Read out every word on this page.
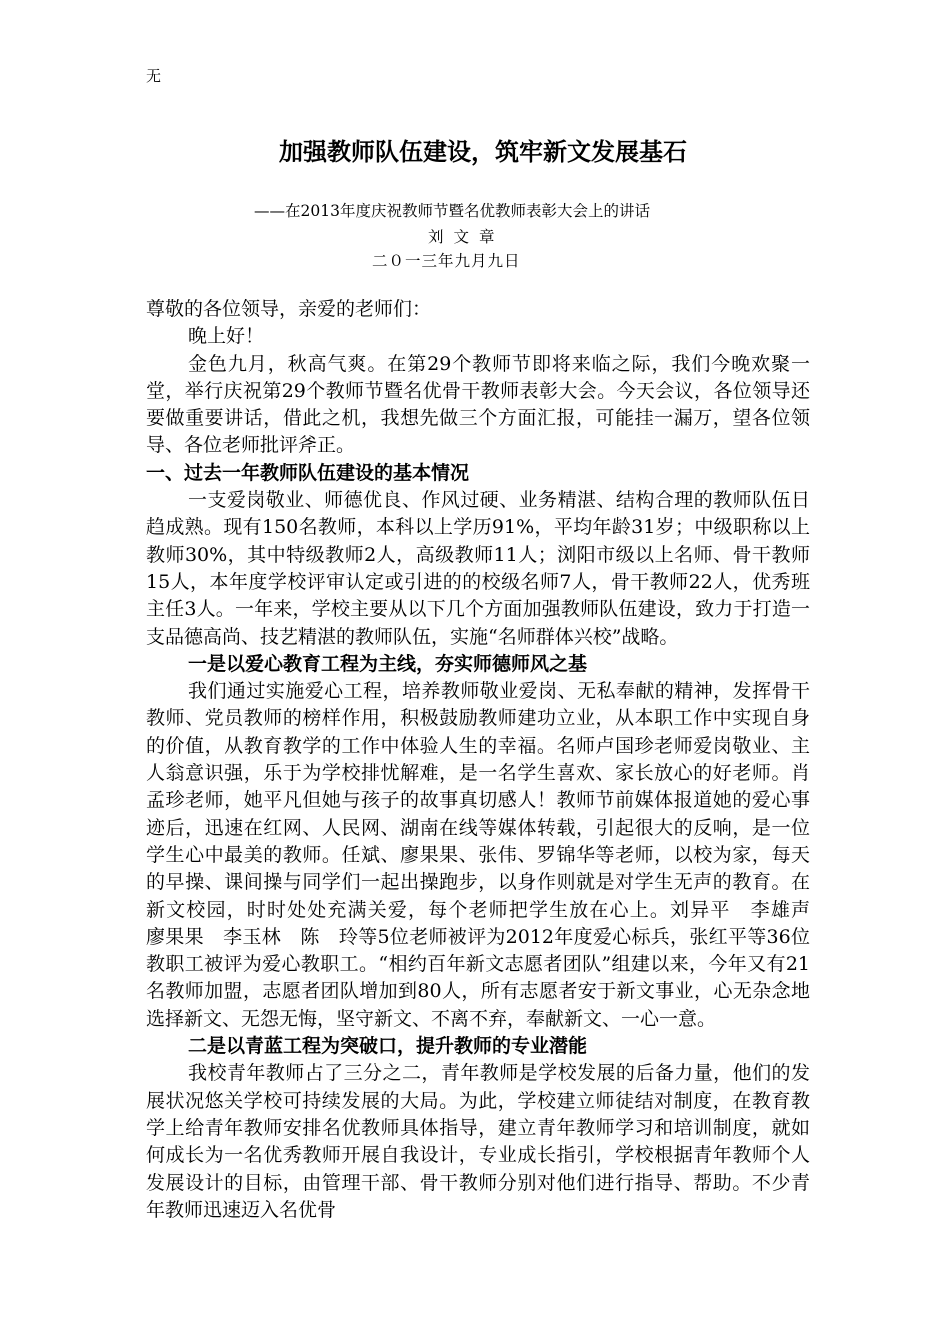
无
加强教师队伍建设，筑牢新文发展基石
——在2013年度庆祝教师节暨名优教师表彰大会上的讲话
刘文章
二０一三年九月九日

尊敬的各位领导，亲爱的老师们：

晚上好！

金色九月，秋高气爽。在第29个教师节即将来临之际，我们今晚欢聚一堂，举行庆祝第29个教师节暨名优骨干教师表彰大会。今天会议，各位领导还要做重要讲话，借此之机，我想先做三个方面汇报，可能挂一漏万，望各位领导、各位老师批评斧正。

一、过去一年教师队伍建设的基本情况

一支爱岗敬业、师德优良、作风过硬、业务精湛、结构合理的教师队伍日趋成熟。现有150名教师，本科以上学历91%，平均年龄31岁；中级职称以上教师30%，其中特级教师2人，高级教师11人；浏阳市级以上名师、骨干教师15人，本年度学校评审认定或引进的的校级名师7人，骨干教师22人，优秀班主任3人。一年来，学校主要从以下几个方面加强教师队伍建设，致力于打造一支品德高尚、技艺精湛的教师队伍，实施“名师群体兴校”战略。

一是以爱心教育工程为主线，夯实师德师风之基

我们通过实施爱心工程，培养教师敬业爱岗、无私奉献的精神，发挥骨干教师、党员教师的榜样作用，积极鼓励教师建功立业，从本职工作中实现自身的价值，从教育教学的工作中体验人生的幸福。名师卢国珍老师爱岗敬业、主人翁意识强，乐于为学校排忧解难，是一名学生喜欢、家长放心的好老师。肖孟珍老师，她平凡但她与孩子的故事真切感人！教师节前媒体报道她的爱心事迹后，迅速在红网、人民网、湖南在线等媒体转载，引起很大的反响，是一位学生心中最美的教师。任斌、廖果果、张伟、罗锦华等老师，以校为家，每天的早操、课间操与同学们一起出操跑步，以身作则就是对学生无声的教育。在新文校园，时时处处充满关爱，每个老师把学生放在心上。刘异平　李雄声　廖果果　李玉林　陈　玲等5位老师被评为2012年度爱心标兵，张红平等36位教职工被评为爱心教职工。“相约百年新文志愿者团队”组建以来，今年又有21名教师加盟，志愿者团队增加到80人，所有志愿者安于新文事业，心无杂念地选择新文、无怨无悔，坚守新文、不离不弃，奉献新文、一心一意。

二是以青蓝工程为突破口，提升教师的专业潜能

我校青年教师占了三分之二，青年教师是学校发展的后备力量，他们的发展状况悠关学校可持续发展的大局。为此，学校建立师徒结对制度，在教育教学上给青年教师安排名优教师具体指导，建立青年教师学习和培训制度，就如何成长为一名优秀教师开展自我设计，专业成长指引，学校根据青年教师个人发展设计的目标，由管理干部、骨干教师分别对他们进行指导、帮助。不少青年教师迅速迈入名优骨
